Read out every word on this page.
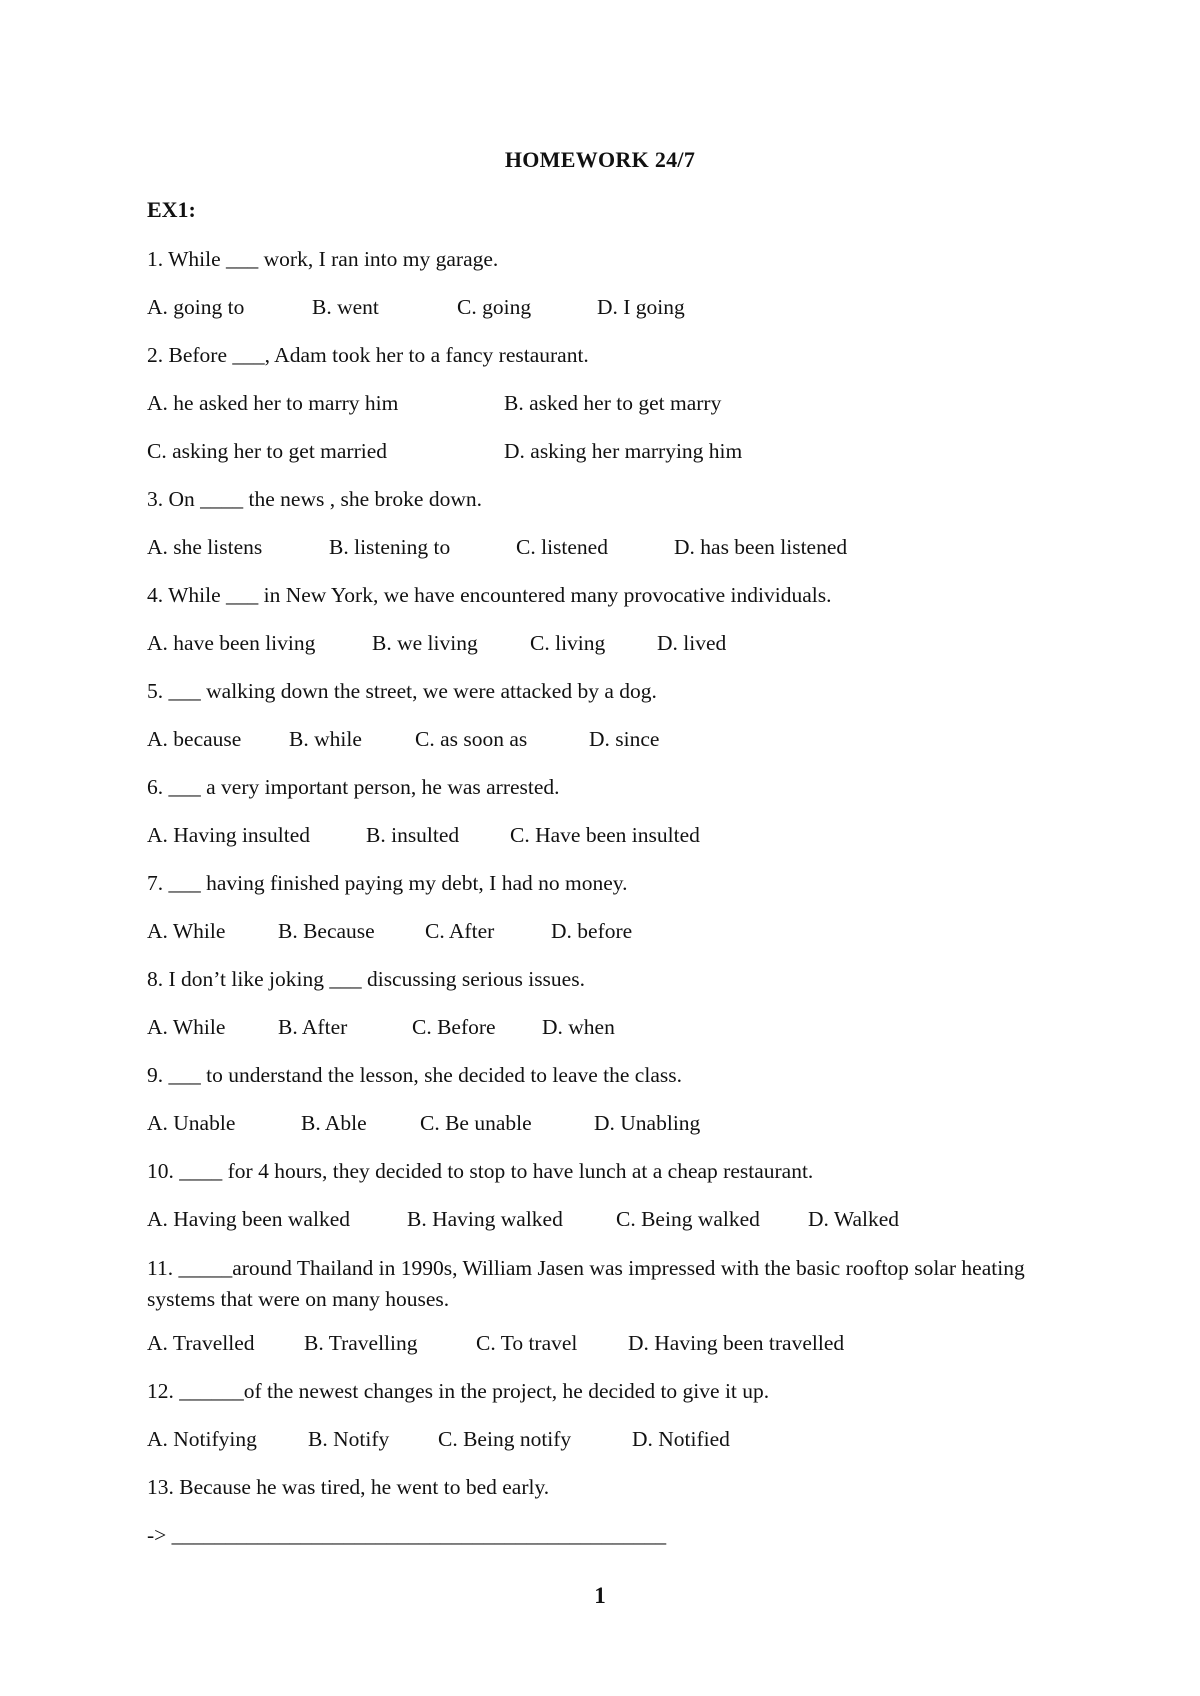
HOMEWORK 24/7
EX1:
1. While ___ work, I ran into my garage.
A. going to	B. went	C. going	D. I going
2. Before ___, Adam took her to a fancy restaurant.
A. he asked her to marry him	B. asked her to get marry
C. asking her to get married	D. asking her marrying him
3. On ____ the news , she broke down.
A. she listens	B. listening to	C. listened	D. has been listened
4. While ___ in New York, we have encountered many provocative individuals.
A. have been living	B. we living	C. living	D. lived
5. ___ walking down the street, we were attacked by a dog.
A. because	B. while	C. as soon as	D. since
6. ___ a very important person, he was arrested.
A. Having insulted	B. insulted	C. Have been insulted
7. ___ having finished paying my debt, I had no money.
A. While	B. Because	C. After	D. before
8. I don’t like joking ___ discussing serious issues.
A. While	B. After	C. Before	D. when
9. ___ to understand the lesson, she decided to leave the class.
A. Unable	B. Able	C. Be unable	D. Unabling
10. ____ for 4 hours, they decided to stop to have lunch at a cheap restaurant.
A. Having been walked	B. Having walked	C. Being walked	D. Walked
11. _____around Thailand in 1990s, William Jasen was impressed with the basic rooftop solar heating systems that were on many houses.
A. Travelled	B. Travelling	C. To travel	D. Having been travelled
12. ______of the newest changes in the project, he decided to give it up.
A. Notifying	B. Notify	C. Being notify	D. Notified
13. Because he was tired, he went to bed early.
-> ______________________________________________
1
